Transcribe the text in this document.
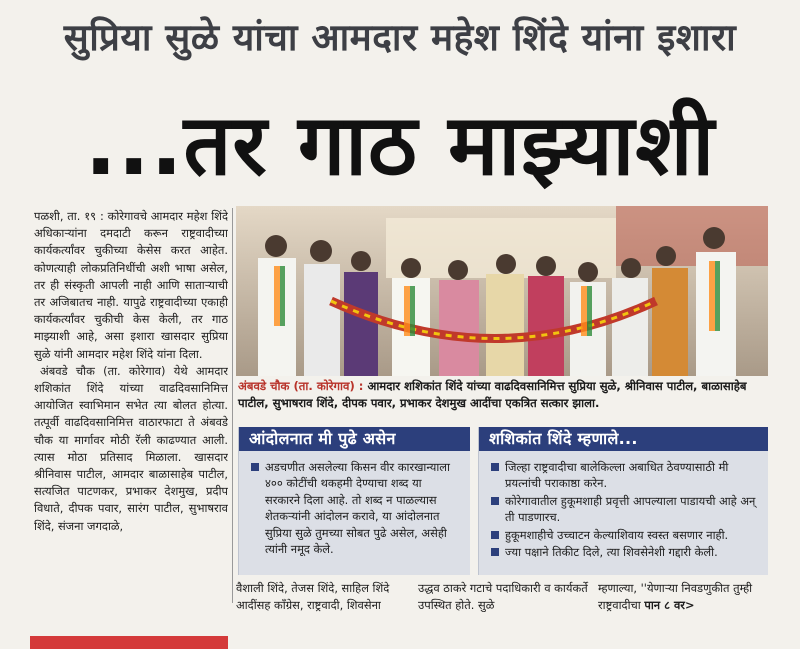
सुप्रिया सुळे यांचा आमदार महेश शिंदे यांना इशारा
...तर गाठ माझ्याशी

पळशी, ता. १९ : कोरेगावचे आमदार महेश शिंदे अधिकाऱ्यांना दमदाटी करून राष्ट्रवादीच्या कार्यकर्त्यांवर चुकीच्या केसेस करत आहेत. कोणत्याही लोकप्रतिनिधींची अशी भाषा असेल, तर ही संस्कृती आपली नाही आणि साताऱ्याची तर अजिबातच नाही. यापुढे राष्ट्रवादीच्या एकाही कार्यकर्त्यांवर चुकीची केस केली, तर गाठ माझ्याशी आहे, असा इशारा खासदार सुप्रिया सुळे यांनी आमदार महेश शिंदे यांना दिला.

अंबवडे चौक (ता. कोरेगाव) येथे आमदार शशिकांत शिंदे यांच्या वाढदिवसानिमित्त आयोजित स्वाभिमान सभेत त्या बोलत होत्या. तत्पूर्वी वाढदिवसानिमित्त वाठारफाटा ते अंबवडे चौक या मार्गावर मोठी रॅली काढण्यात आली. त्यास मोठा प्रतिसाद मिळाला. खासदार श्रीनिवास पाटील, आमदार बाळासाहेब पाटील, सत्यजित पाटणकर, प्रभाकर देशमुख, प्रदीप विधाते, दीपक पवार, सारंग पाटील, सुभाषराव शिंदे, संजना जगदाळे,

अंबवडे चौक (ता. कोरेगाव) : आमदार शशिकांत शिंदे यांच्या वाढदिवसानिमित्त सुप्रिया सुळे, श्रीनिवास पाटील, बाळासाहेब पाटील, सुभाषराव शिंदे, दीपक पवार, प्रभाकर देशमुख आदींचा एकत्रित सत्कार झाला.
आंदोलनात मी पुढे असेन
अडचणीत असलेल्या किसन वीर कारखान्याला ४०० कोटींची थकहमी देण्याचा शब्द या सरकारने दिला आहे. तो शब्द न पाळल्यास शेतकऱ्यांनी आंदोलन करावे, या आंदोलनात सुप्रिया सुळे तुमच्या सोबत पुढे असेल, असेही त्यांनी नमूद केले.
शशिकांत शिंदे म्हणाले...
जिल्हा राष्ट्रवादीचा बालेकिल्ला अबाधित ठेवण्यासाठी मी प्रयत्नांची पराकाष्ठा करेन.
कोरेगावातील हुकूमशाही प्रवृत्ती आपल्याला पाडायची आहे अन् ती पाडणारच.
हुकूमशाहीचे उच्चाटन केल्याशिवाय स्वस्त बसणार नाही.
ज्या पक्षाने तिकीट दिले, त्या शिवसेनेशी गद्दारी केली.
वैशाली शिंदे, तेजस शिंदे, साहिल शिंदे आदींसह काँग्रेस, राष्ट्रवादी, शिवसेना
उद्धव ठाकरे गटाचे पदाधिकारी व कार्यकर्ते उपस्थित होते. सुळे
म्हणाल्या, ''येणाऱ्या निवडणुकीत तुम्ही राष्ट्रवादीचा पान ८ वर>
